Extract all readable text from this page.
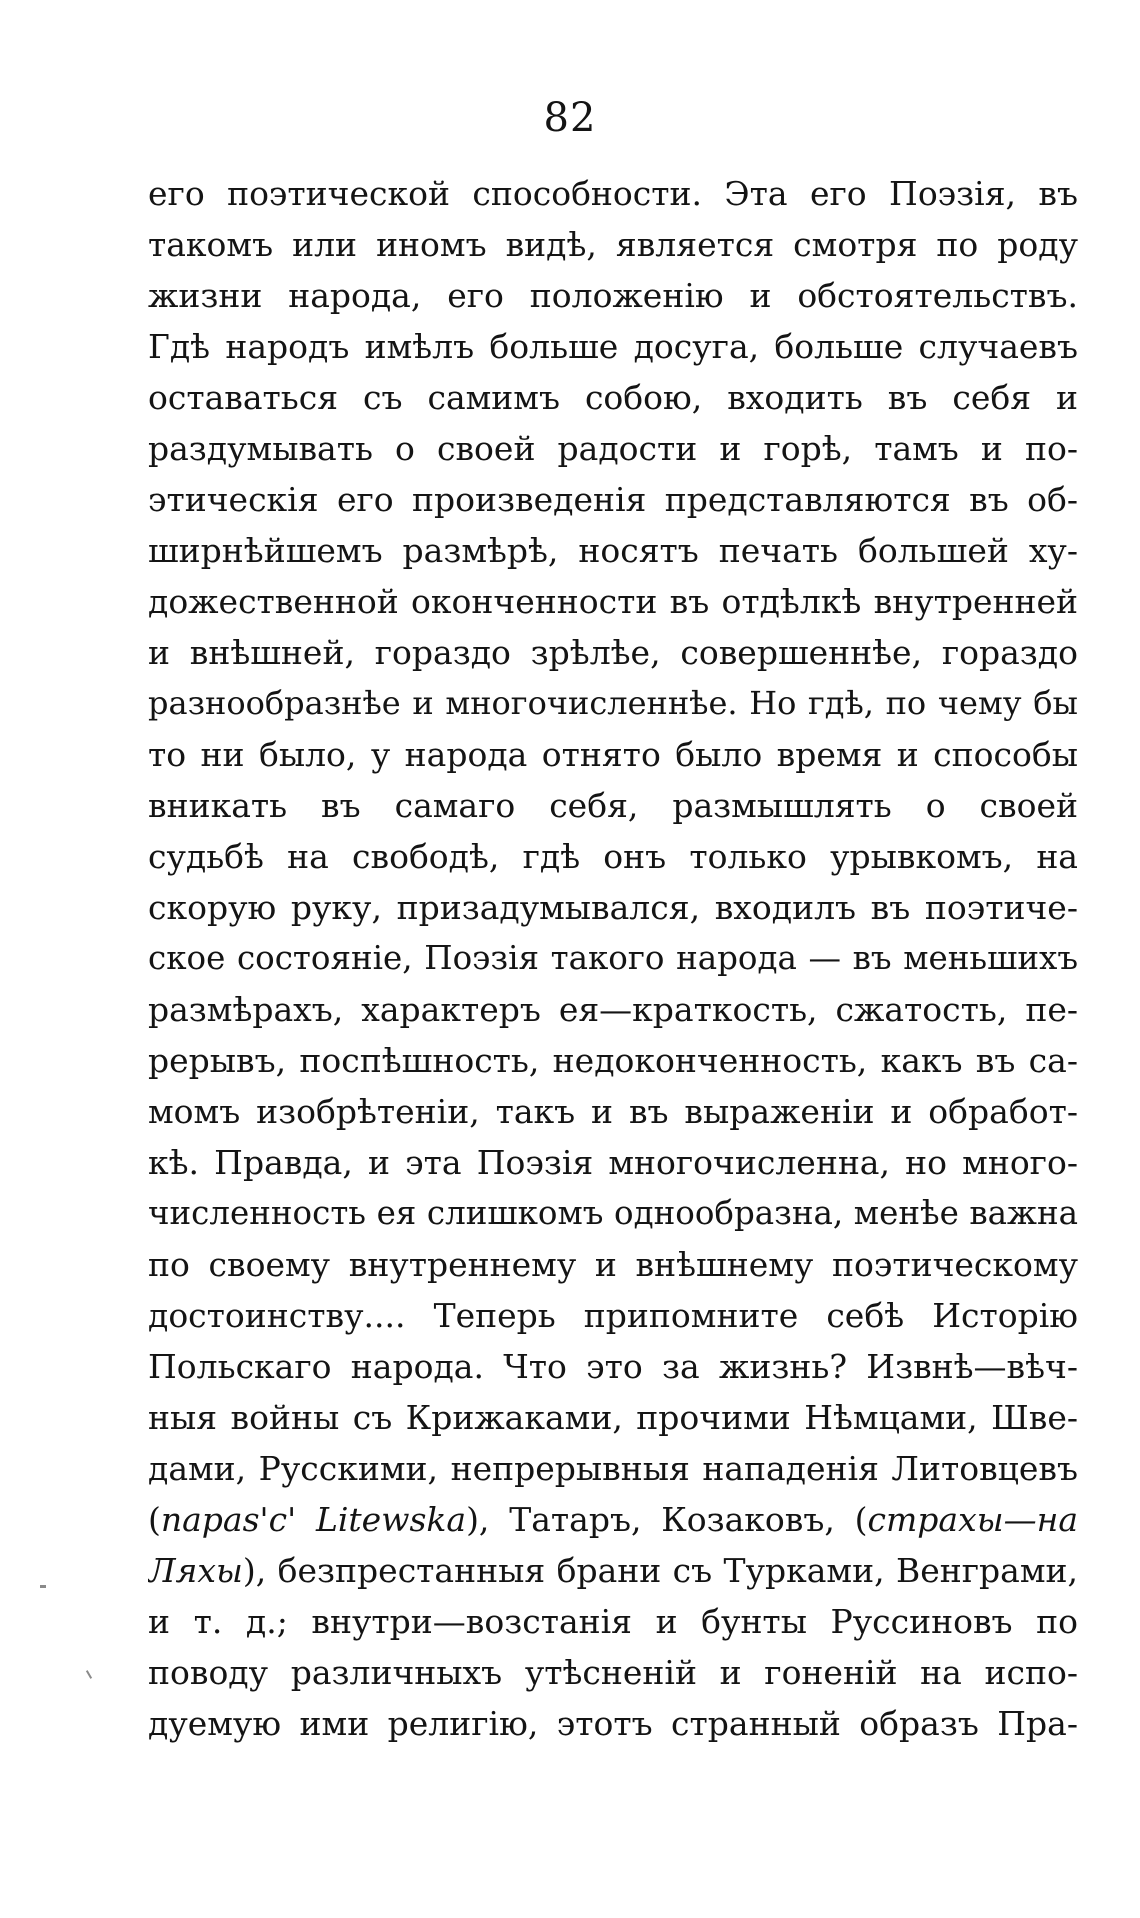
82
его поэтической способности. Эта его Поэзія, въ
такомъ или иномъ видѣ, является смотря по роду
жизни народа, его положенію и обстоятельствъ.
Гдѣ народъ имѣлъ больше досуга, больше случаевъ
оставаться съ самимъ собою, входить въ себя и
раздумывать о своей радости и горѣ, тамъ и по-
этическія его произведенія представляются въ об-
ширнѣйшемъ размѣрѣ, носятъ печать большей ху-
дожественной оконченности въ отдѣлкѣ внутренней
и внѣшней, гораздо зрѣлѣе, совершеннѣе, гораздо
разнообразнѣе и многочисленнѣе. Но гдѣ, по чему бы
то ни было, у народа отнято было время и способы
вникать въ самаго себя, размышлять о своей
судьбѣ на свободѣ, гдѣ онъ только урывкомъ, на
скорую руку, призадумывался, входилъ въ поэтиче-
ское состояніе, Поэзія такого народа — въ меньшихъ
размѣрахъ, характеръ ея—краткость, сжатость, пе-
рерывъ, поспѣшность, недоконченность, какъ въ са-
момъ изобрѣтеніи, такъ и въ выраженіи и обработ-
кѣ. Правда, и эта Поэзія многочисленна, но много-
численность ея слишкомъ однообразна, менѣе важна
по своему внутреннему и внѣшнему поэтическому
достоинству.... Теперь припомните себѣ Исторію
Польскаго народа. Что это за жизнь? Извнѣ—вѣч-
ныя войны съ Крижаками, прочими Нѣмцами, Шве-
дами, Русскими, непрерывныя нападенія Литовцевъ
(napas'c' Litewska), Татаръ, Козаковъ, (страхы—на
Ляхы), безпрестанныя брани съ Турками, Венграми,
и т. д.; внутри—возстанія и бунты Руссиновъ по
поводу различныхъ утѣсненій и гоненій на испо-
дуемую ими религію, этотъ странный образъ Пра-
